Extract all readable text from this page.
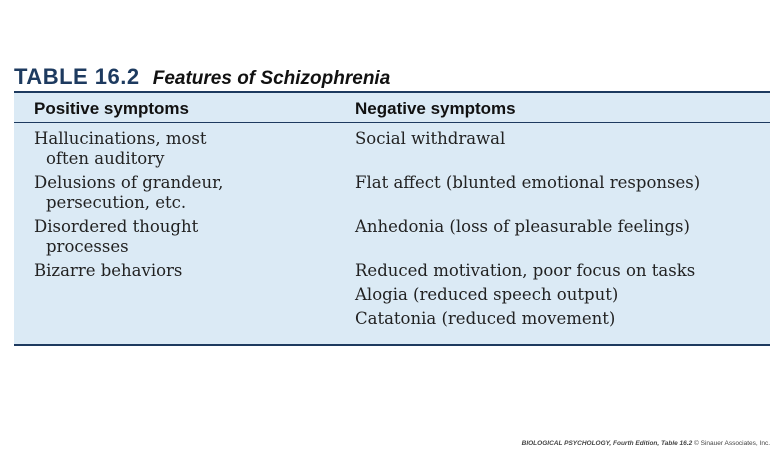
TABLE 16.2 Features of Schizophrenia
Positive symptoms	Negative symptoms
Hallucinations, most
often auditory
Delusions of grandeur,
persecution, etc.
Disordered thought
processes
Bizarre behaviors
Social withdrawal
Flat affect (blunted emotional responses)
Anhedonia (loss of pleasurable feelings)
Reduced motivation, poor focus on tasks
Alogia (reduced speech output)
Catatonia (reduced movement)
BIOLOGICAL PSYCHOLOGY, Fourth Edition, Table 16.2 © Sinauer Associates, Inc.
